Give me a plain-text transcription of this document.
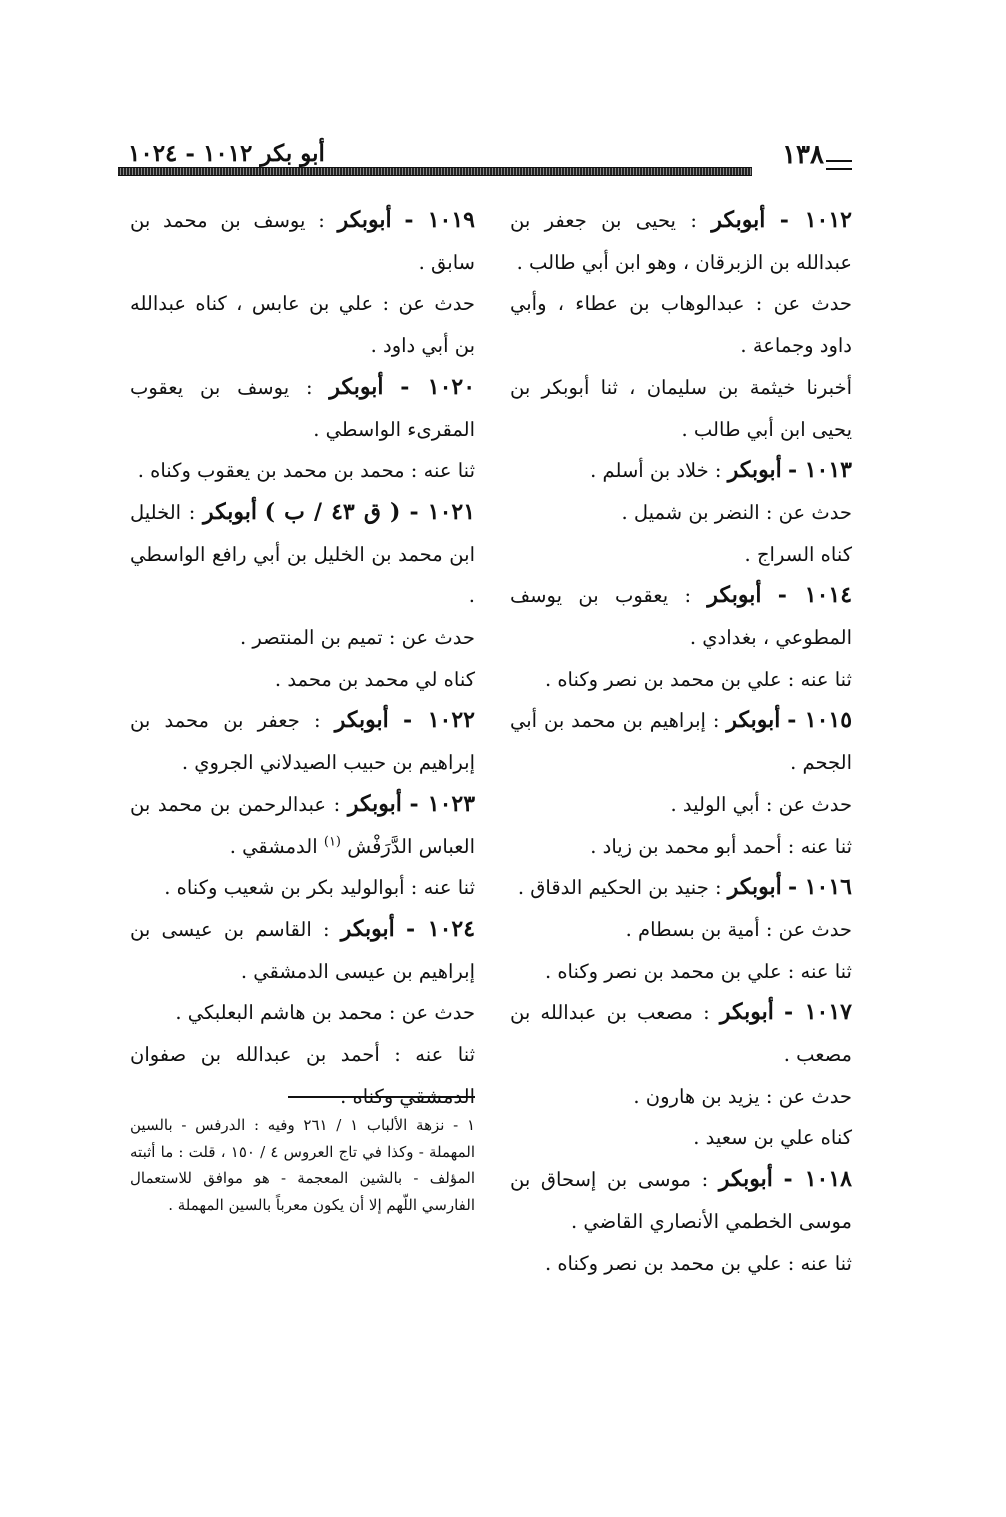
أبو بكر ١٠١٢ - ١٠٢٤	١٣٨

١٠١٢ - أبوبكر : يحيى بن جعفر بن عبدالله بن الزبرقان ، وهو ابن أبي طالب .

حدث عن : عبدالوهاب بن عطاء ، وأبي داود وجماعة .

أخبرنا خيثمة بن سليمان ، ثنا أبوبكر بن يحيى ابن أبي طالب .

١٠١٣ - أبوبكر : خلاد بن أسلم .

حدث عن : النضر بن شميل .

كناه السراج .

١٠١٤ - أبوبكر : يعقوب بن يوسف المطوعي ، بغدادي .

ثنا عنه : علي بن محمد بن نصر وكناه .

١٠١٥ - أبوبكر : إبراهيم بن محمد بن أبي الجحم .

حدث عن : أبي الوليد .

ثنا عنه : أحمد أبو محمد بن زياد .

١٠١٦ - أبوبكر : جنيد بن الحكيم الدقاق .

حدث عن : أمية بن بسطام .

ثنا عنه : علي بن محمد بن نصر وكناه .

١٠١٧ - أبوبكر : مصعب بن عبدالله بن مصعب .

حدث عن : يزيد بن هارون .

كناه علي بن سعيد .

١٠١٨ - أبوبكر : موسى بن إسحاق بن موسى الخطمي الأنصاري القاضي .

ثنا عنه : علي بن محمد بن نصر وكناه .

١٠١٩ - أبوبكر : يوسف بن محمد بن سابق .

حدث عن : علي بن عابس ، كناه عبدالله بن أبي داود .

١٠٢٠ - أبوبكر : يوسف بن يعقوب المقرىء الواسطي .

ثنا عنه : محمد بن محمد بن يعقوب وكناه .

١٠٢١ - ( ق ٤٣ / ب ) أبوبكر : الخليل ابن محمد بن الخليل بن أبي رافع الواسطي .

حدث عن : تميم بن المنتصر .

كناه لي محمد بن محمد .

١٠٢٢ - أبوبكر : جعفر بن محمد بن إبراهيم بن حبيب الصيدلاني الجروي .

١٠٢٣ - أبوبكر : عبدالرحمن بن محمد بن العباس الدَّرَفْش $^{(١)}$ الدمشقي .

ثنا عنه : أبوالوليد بكر بن شعيب وكناه .

١٠٢٤ - أبوبكر : القاسم بن عيسى بن إبراهيم بن عيسى الدمشقي .

حدث عن : محمد بن هاشم البعلبكي .

ثنا عنه : أحمد بن عبدالله بن صفوان الدمشقي وكناه .

١ - نزهة الألباب ١ / ٢٦١ وفيه : الدرفس - بالسين المهملة - وكذا في تاج العروس ٤ / ١٥٠ ، قلت : ما أثبته المؤلف - بالشين المعجمة - هو موافق للاستعمال الفارسي اللّهم إلا أن يكون معرباً بالسين المهملة .
